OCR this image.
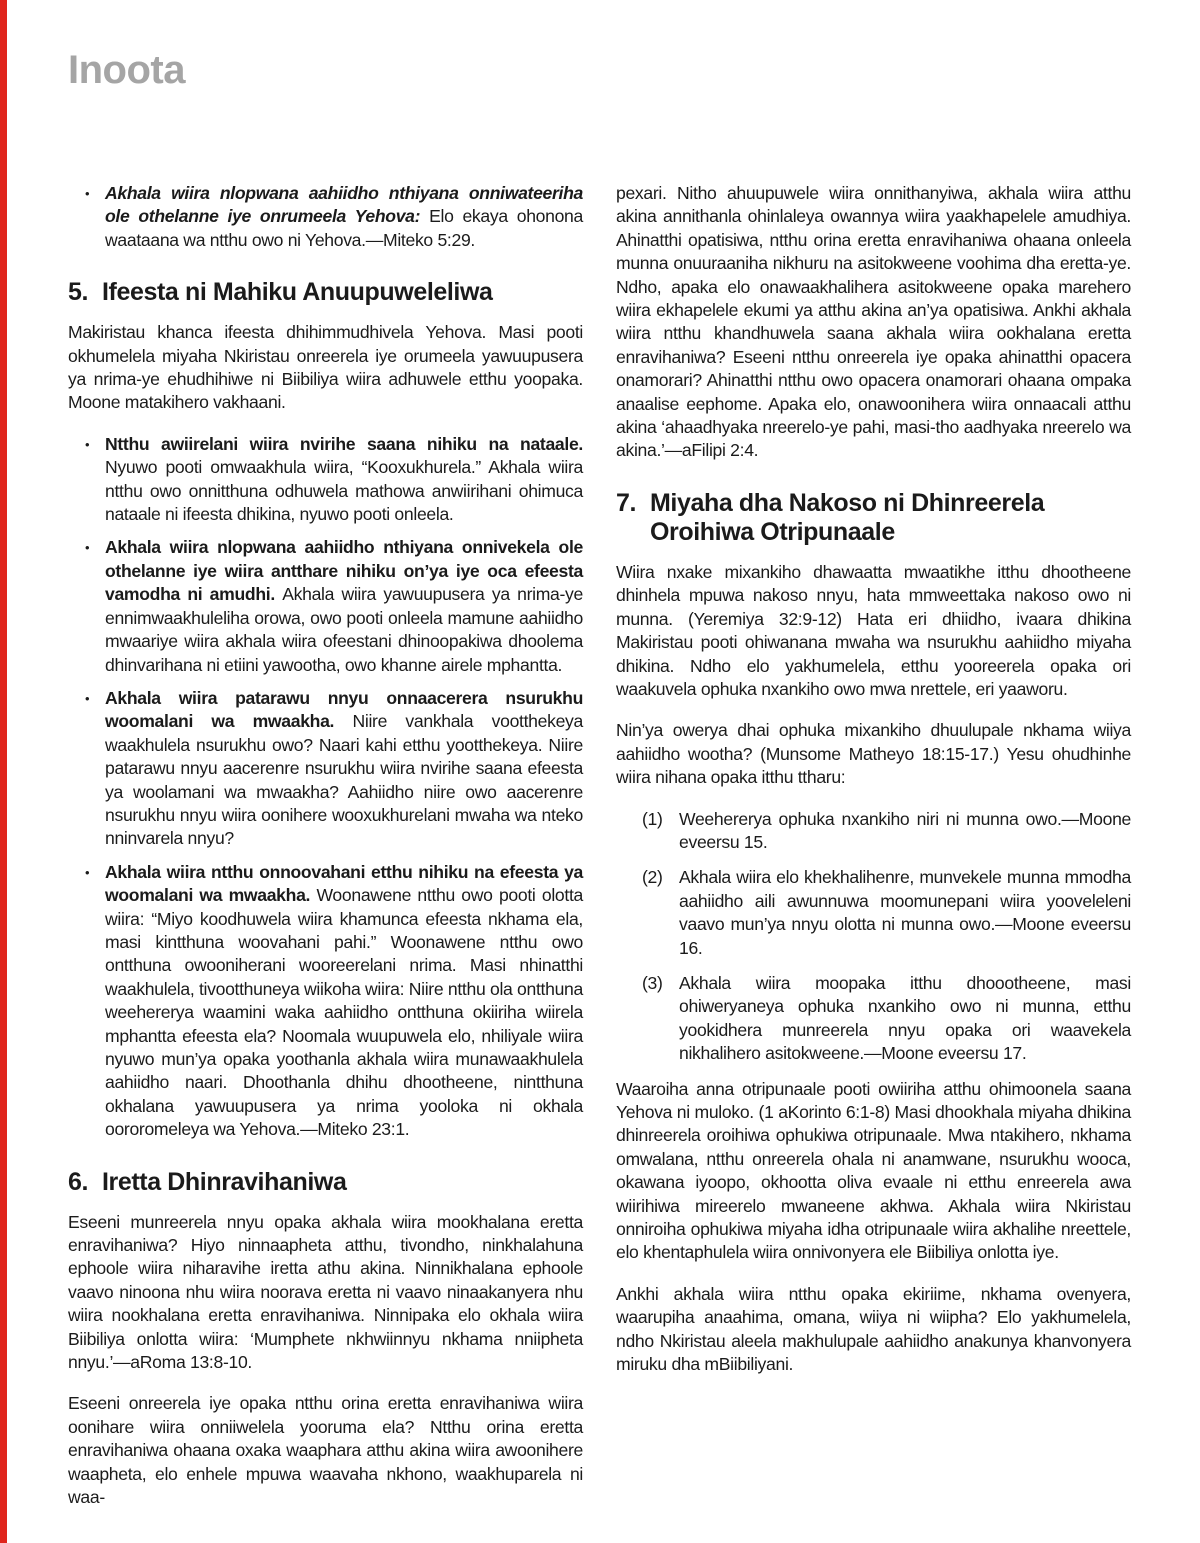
Inoota
• Akhala wiira nlopwana aahiidho nthiyana onniwateeriha ole othelanne iye onrumeela Yehova: Elo ekaya ohonona waataana wa ntthu owo ni Yehova.—Miteko 5:29.
5. Ifeesta ni Mahiku Anuupuweleliwa

Makiristau khanca ifeesta dhihimmudhivela Yehova. Masi pooti okhumelela miyaha Nkiristau onreerela iye orumeela yawuupusera ya nrima-ye ehudhihiwe ni Biibiliya wiira adhuwele etthu yoopaka. Moone matakihero vakhaani.

• Ntthu awiirelani wiira nvirihe saana nihiku na nataale. Nyuwo pooti omwaakhula wiira, “Kooxukhurela.” Akhala wiira ntthu owo onnitthuna odhuwela mathowa anwiirihani ohimuca nataale ni ifeesta dhikina, nyuwo pooti onleela.
• Akhala wiira nlopwana aahiidho nthiyana onnivekela ole othelanne iye wiira antthare nihiku on’ya iye oca efeesta vamodha ni amudhi. Akhala wiira yawuupusera ya nrima-ye ennimwaakhuleliha orowa, owo pooti onleela mamune aahiidho mwaariye wiira akhala wiira ofeestani dhinoopakiwa dhoolema dhinvarihana ni etiini yawootha, owo khanne airele mphantta.
• Akhala wiira patarawu nnyu onnaacerera nsurukhu woomalani wa mwaakha. Niire vankhala vootthekeya waakhulela nsurukhu owo? Naari kahi etthu yootthekeya. Niire patarawu nnyu aacerenre nsurukhu wiira nvirihe saana efeesta ya woolamani wa mwaakha? Aahiidho niire owo aacerenre nsurukhu nnyu wiira oonihere wooxukhurelani mwaha wa nteko nninvarela nnyu?
• Akhala wiira ntthu onnoovahani etthu nihiku na efeesta ya woomalani wa mwaakha. Woonawene ntthu owo pooti olotta wiira: “Miyo koodhuwela wiira khamunca efeesta nkhama ela, masi kintthuna woovahani pahi.” Woonawene ntthu owo ontthuna owooniherani wooreerelani nrima. Masi nhinatthi waakhulela, tivootthuneya wiikoha wiira: Niire ntthu ola ontthuna weehererya waamini waka aahiidho ontthuna okiiriha wiirela mphantta efeesta ela? Noomala wuupuwela elo, nhiliyale wiira nyuwo mun’ya opaka yoothanla akhala wiira munawaakhulela aahiidho naari. Dhoothanla dhihu dhootheene, nintthuna okhalana yawuupusera ya nrima yooloka ni okhala oororomeleya wa Yehova.—Miteko 23:1.
6. Iretta Dhinravihaniwa

Eseeni munreerela nnyu opaka akhala wiira mookhalana eretta enravihaniwa? Hiyo ninnaapheta atthu, tivondho, ninkhalahuna ephoole wiira niharavihe iretta athu akina. Ninnikhalana ephoole vaavo ninoona nhu wiira noorava eretta ni vaavo ninaakanyera nhu wiira nookhalana eretta enravihaniwa. Ninnipaka elo okhala wiira Biibiliya onlotta wiira: ‘Mumphete nkhwiinnyu nkhama nniipheta nnyu.’—aRoma 13:8-10.

Eseeni onreerela iye opaka ntthu orina eretta enravihaniwa wiira oonihare wiira onniiwelela yooruma ela? Ntthu orina eretta enravihaniwa ohaana oxaka waaphara atthu akina wiira awoonihere waapheta, elo enhele mpuwa waavaha nkhono, waakhuparela ni waa-

pexari. Nitho ahuupuwele wiira onnithanyiwa, akhala wiira atthu akina annithanla ohinlaleya owannya wiira yaakhapelele amudhiya. Ahinatthi opatisiwa, ntthu orina eretta enravihaniwa ohaana onleela munna onuuraaniha nikhuru na asitokweene voohima dha eretta-ye. Ndho, apaka elo onawaakhalihera asitokweene opaka marehero wiira ekhapelele ekumi ya atthu akina an’ya opatisiwa. Ankhi akhala wiira ntthu khandhuwela saana akhala wiira ookhalana eretta enravihaniwa? Eseeni ntthu onreerela iye opaka ahinatthi opacera onamorari? Ahinatthi ntthu owo opacera onamorari ohaana ompaka anaalise eephome. Apaka elo, onawoonihera wiira onnaacali atthu akina ‘ahaadhyaka nreerelo-ye pahi, masi-tho aadhyaka nreerelo wa akina.’—aFilipi 2:4.

7. Miyaha dha Nakoso ni Dhinreerela Oroihiwa Otripunaale

Wiira nxake mixankiho dhawaatta mwaatikhe itthu dhootheene dhinhela mpuwa nakoso nnyu, hata mmweettaka nakoso owo ni munna. (Yeremiya 32:9-12) Hata eri dhiidho, ivaara dhikina Makiristau pooti ohiwanana mwaha wa nsurukhu aahiidho miyaha dhikina. Ndho elo yakhumelela, etthu yooreerela opaka ori waakuvela ophuka nxankiho owo mwa nrettele, eri yaaworu.

Nin’ya owerya dhai ophuka mixankiho dhuulupale nkhama wiiya aahiidho wootha? (Munsome Matheyo 18:15-17.) Yesu ohudhinhe wiira nihana opaka itthu ttharu:

(1) Weehererya ophuka nxankiho niri ni munna owo.​—Moone eveersu 15.
(2) Akhala wiira elo khekhalihenre, munvekele munna mmodha aahiidho aili awunnuwa moomunepani wiira yooveleleni vaavo mun’ya nnyu olotta ni munna owo.—Moone eveersu 16.
(3) Akhala wiira moopaka itthu dhoootheene, masi ohiweryaneya ophuka nxankiho owo ni munna, etthu yookidhera munreerela nnyu opaka ori waavekela nikhalihero asitokweene.—Moone eveersu 17.

Waaroiha anna otripunaale pooti owiiriha atthu ohimoonela saana Yehova ni muloko. (1 aKorinto 6:1-8) Masi dhookhala miyaha dhikina dhinreerela oroihiwa ophukiwa otripunaale. Mwa ntakihero, nkhama omwalana, ntthu onreerela ohala ni anamwane, nsurukhu wooca, okawana iyoopo, okhootta oliva evaale ni etthu enreerela awa wiirihiwa mireerelo mwaneene akhwa. Akhala wiira Nkiristau onniroiha ophukiwa miyaha idha otripunaale wiira akhalihe nreettele, elo khentaphulela wiira onnivonyera ele Biibiliya onlotta iye.

Ankhi akhala wiira ntthu opaka ekiriime, nkhama ovenyera, waarupiha anaahima, omana, wiiya ni wiipha? Elo yakhumelela, ndho Nkiristau aleela makhulupale aahiidho anakunya khanvonyera miruku dha mBiibiliyani.
